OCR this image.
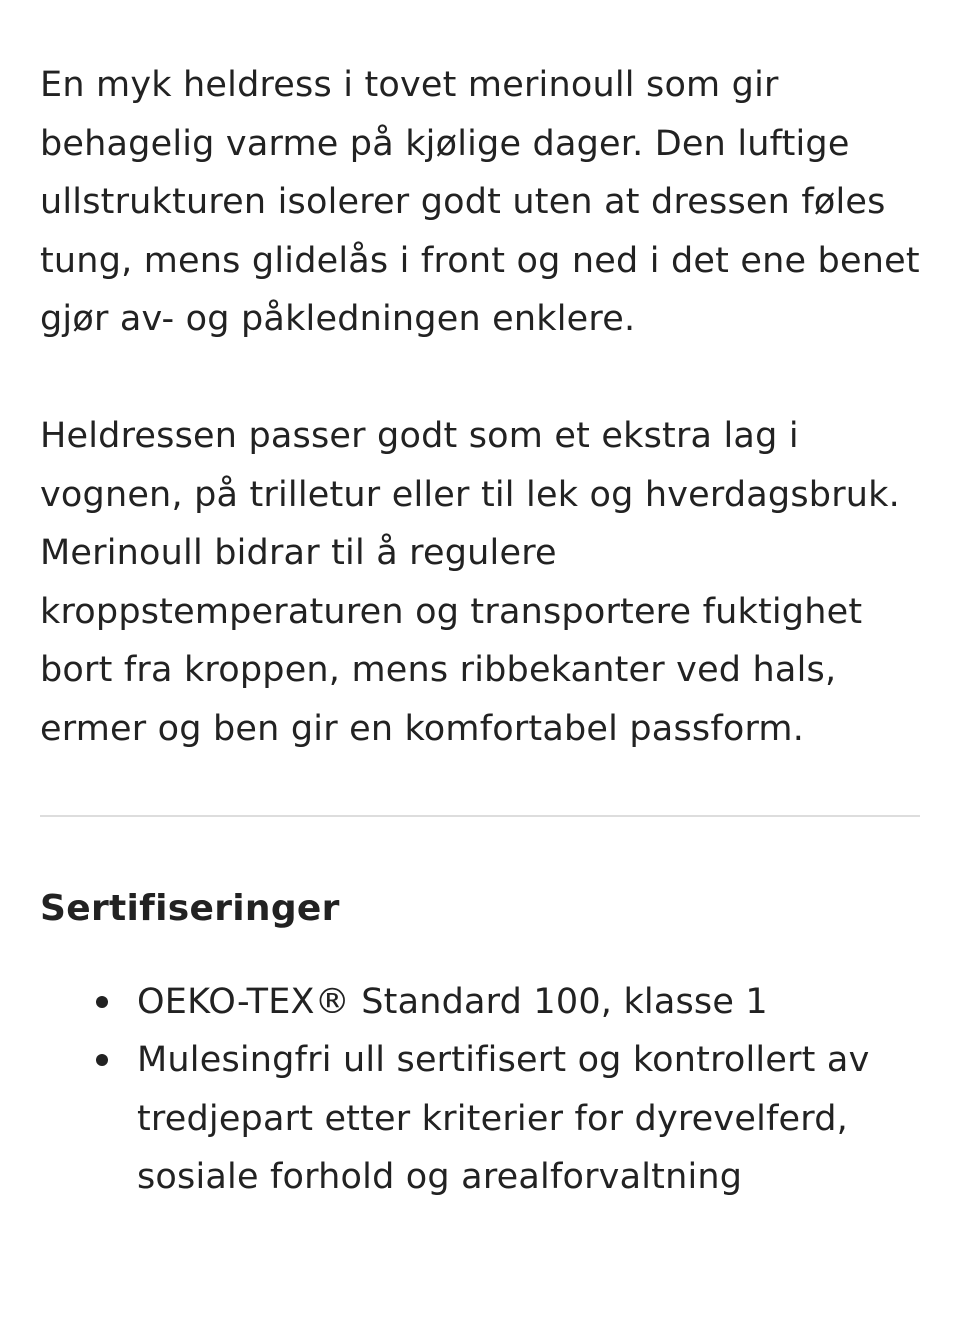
En myk heldress i tovet merinoull som gir behagelig varme på kjølige dager. Den luftige ullstrukturen isolerer godt uten at dressen føles tung, mens glidelås i front og ned i det ene benet gjør av- og påkledningen enklere.

Heldressen passer godt som et ekstra lag i vognen, på trilletur eller til lek og hverdagsbruk. Merinoull bidrar til å regulere kroppstemperaturen og transportere fuktighet bort fra kroppen, mens ribbekanter ved hals, ermer og ben gir en komfortabel passform.

Sertifiseringer
OEKO-TEX® Standard 100, klasse 1
Mulesingfri ull sertifisert og kontrollert av tredjepart etter kriterier for dyrevelferd, sosiale forhold og arealforvaltning
